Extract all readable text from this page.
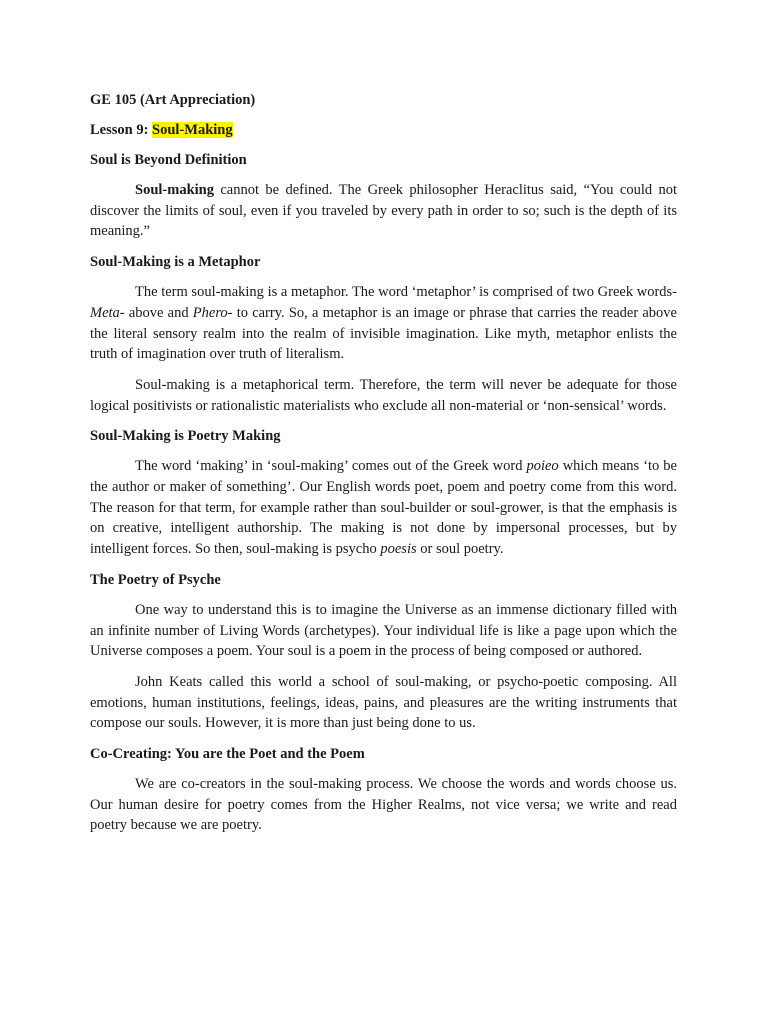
GE 105 (Art Appreciation)
Lesson 9: Soul-Making
Soul is Beyond Definition

Soul-making cannot be defined. The Greek philosopher Heraclitus said, “You could not discover the limits of soul, even if you traveled by every path in order to so; such is the depth of its meaning.”

Soul-Making is a Metaphor

The term soul-making is a metaphor. The word ‘metaphor’ is comprised of two Greek words- Meta- above and Phero- to carry. So, a metaphor is an image or phrase that carries the reader above the literal sensory realm into the realm of invisible imagination. Like myth, metaphor enlists the truth of imagination over truth of literalism.

Soul-making is a metaphorical term. Therefore, the term will never be adequate for those logical positivists or rationalistic materialists who exclude all non-material or ‘non-sensical’ words.

Soul-Making is Poetry Making

The word ‘making’ in ‘soul-making’ comes out of the Greek word poieo which means ‘to be the author or maker of something’. Our English words poet, poem and poetry come from this word. The reason for that term, for example rather than soul-builder or soul-grower, is that the emphasis is on creative, intelligent authorship. The making is not done by impersonal processes, but by intelligent forces. So then, soul-making is psycho poesis or soul poetry.

The Poetry of Psyche

One way to understand this is to imagine the Universe as an immense dictionary filled with an infinite number of Living Words (archetypes). Your individual life is like a page upon which the Universe composes a poem. Your soul is a poem in the process of being composed or authored.

John Keats called this world a school of soul-making, or psycho-poetic composing. All emotions, human institutions, feelings, ideas, pains, and pleasures are the writing instruments that compose our souls. However, it is more than just being done to us.

Co-Creating: You are the Poet and the Poem

We are co-creators in the soul-making process. We choose the words and words choose us. Our human desire for poetry comes from the Higher Realms, not vice versa; we write and read poetry because we are poetry.
